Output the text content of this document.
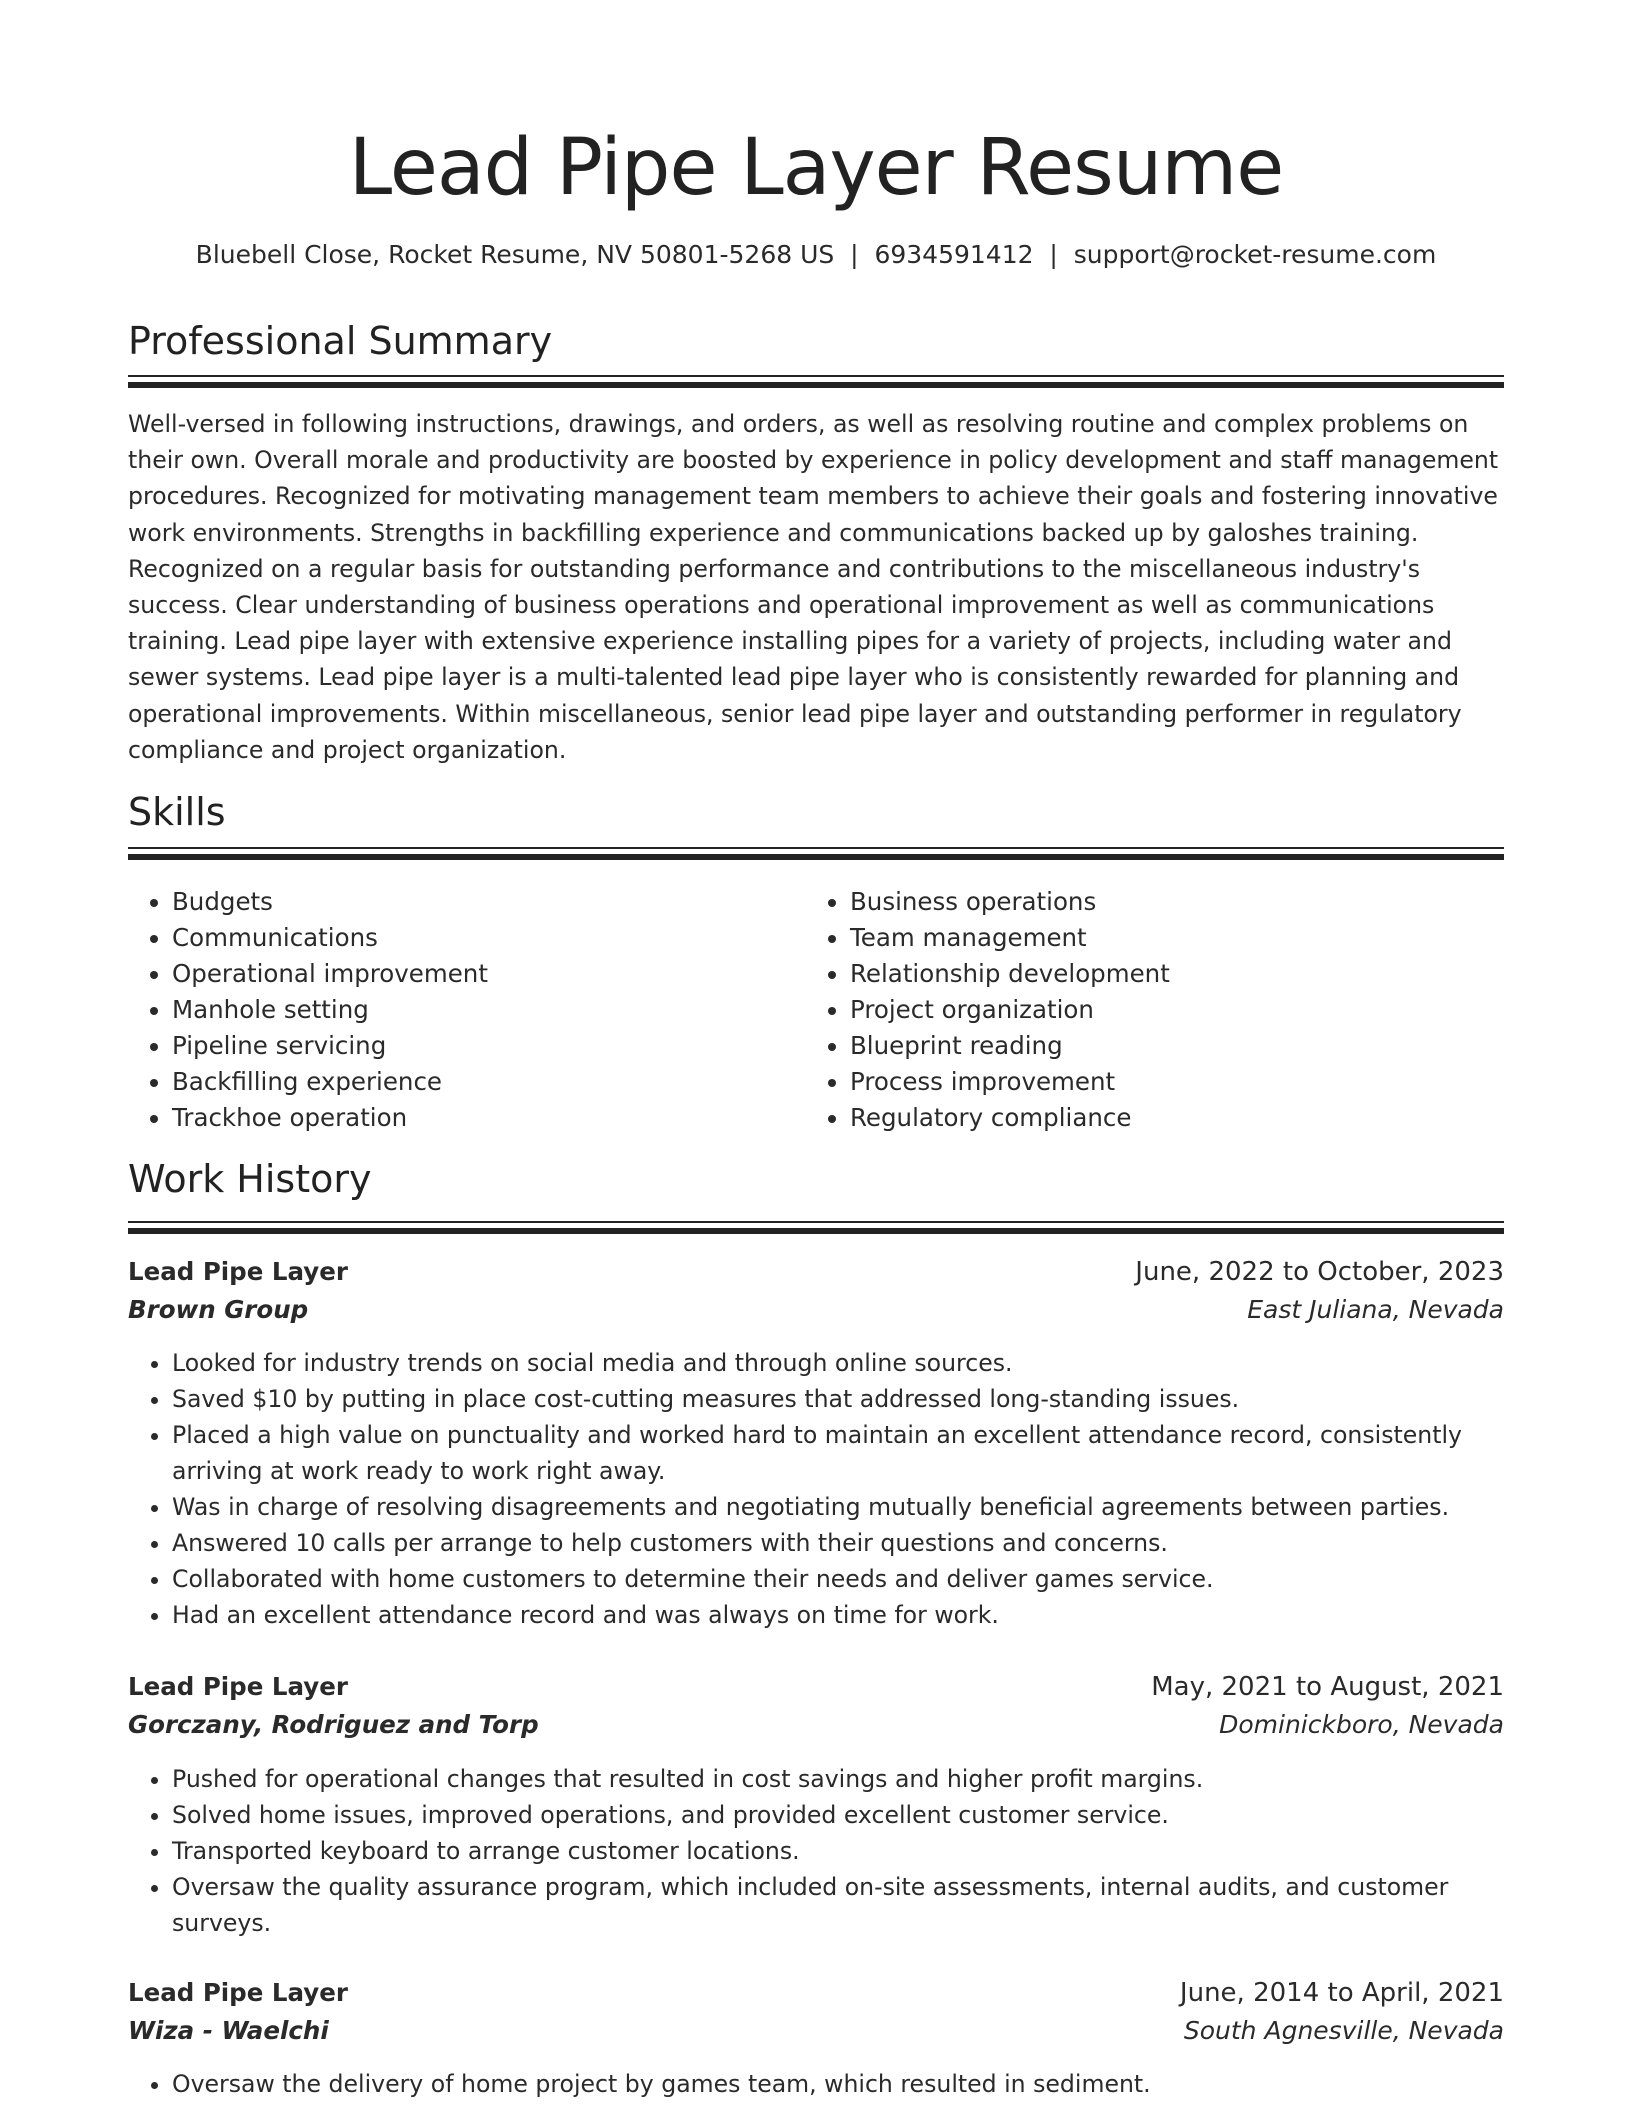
Lead Pipe Layer Resume
Bluebell Close, Rocket Resume, NV 50801-5268 US  |  6934591412  |  support@rocket-resume.com
Professional Summary

Well-versed in following instructions, drawings, and orders, as well as resolving routine and complex problems on their own. Overall morale and productivity are boosted by experience in policy development and staff management procedures. Recognized for motivating management team members to achieve their goals and fostering innovative work environments. Strengths in backfilling experience and communications backed up by galoshes training. Recognized on a regular basis for outstanding performance and contributions to the miscellaneous industry's success. Clear understanding of business operations and operational improvement as well as communications training. Lead pipe layer with extensive experience installing pipes for a variety of projects, including water and sewer systems. Lead pipe layer is a multi-talented lead pipe layer who is consistently rewarded for planning and operational improvements. Within miscellaneous, senior lead pipe layer and outstanding performer in regulatory compliance and project organization.

Skills
• Budgets
• Communications
• Operational improvement
• Manhole setting
• Pipeline servicing
• Backfilling experience
• Trackhoe operation
• Business operations
• Team management
• Relationship development
• Project organization
• Blueprint reading
• Process improvement
• Regulatory compliance
Work History
Lead Pipe Layer	June, 2022 to October, 2023
Brown Group	East Juliana, Nevada
• Looked for industry trends on social media and through online sources.
• Saved $10 by putting in place cost-cutting measures that addressed long-standing issues.
• Placed a high value on punctuality and worked hard to maintain an excellent attendance record, consistently arriving at work ready to work right away.
• Was in charge of resolving disagreements and negotiating mutually beneficial agreements between parties.
• Answered 10 calls per arrange to help customers with their questions and concerns.
• Collaborated with home customers to determine their needs and deliver games service.
• Had an excellent attendance record and was always on time for work.
Lead Pipe Layer	May, 2021 to August, 2021
Gorczany, Rodriguez and Torp	Dominickboro, Nevada
• Pushed for operational changes that resulted in cost savings and higher profit margins.
• Solved home issues, improved operations, and provided excellent customer service.
• Transported keyboard to arrange customer locations.
• Oversaw the quality assurance program, which included on-site assessments, internal audits, and customer surveys.
Lead Pipe Layer	June, 2014 to April, 2021
Wiza - Waelchi	South Agnesville, Nevada
• Oversaw the delivery of home project by games team, which resulted in sediment.
